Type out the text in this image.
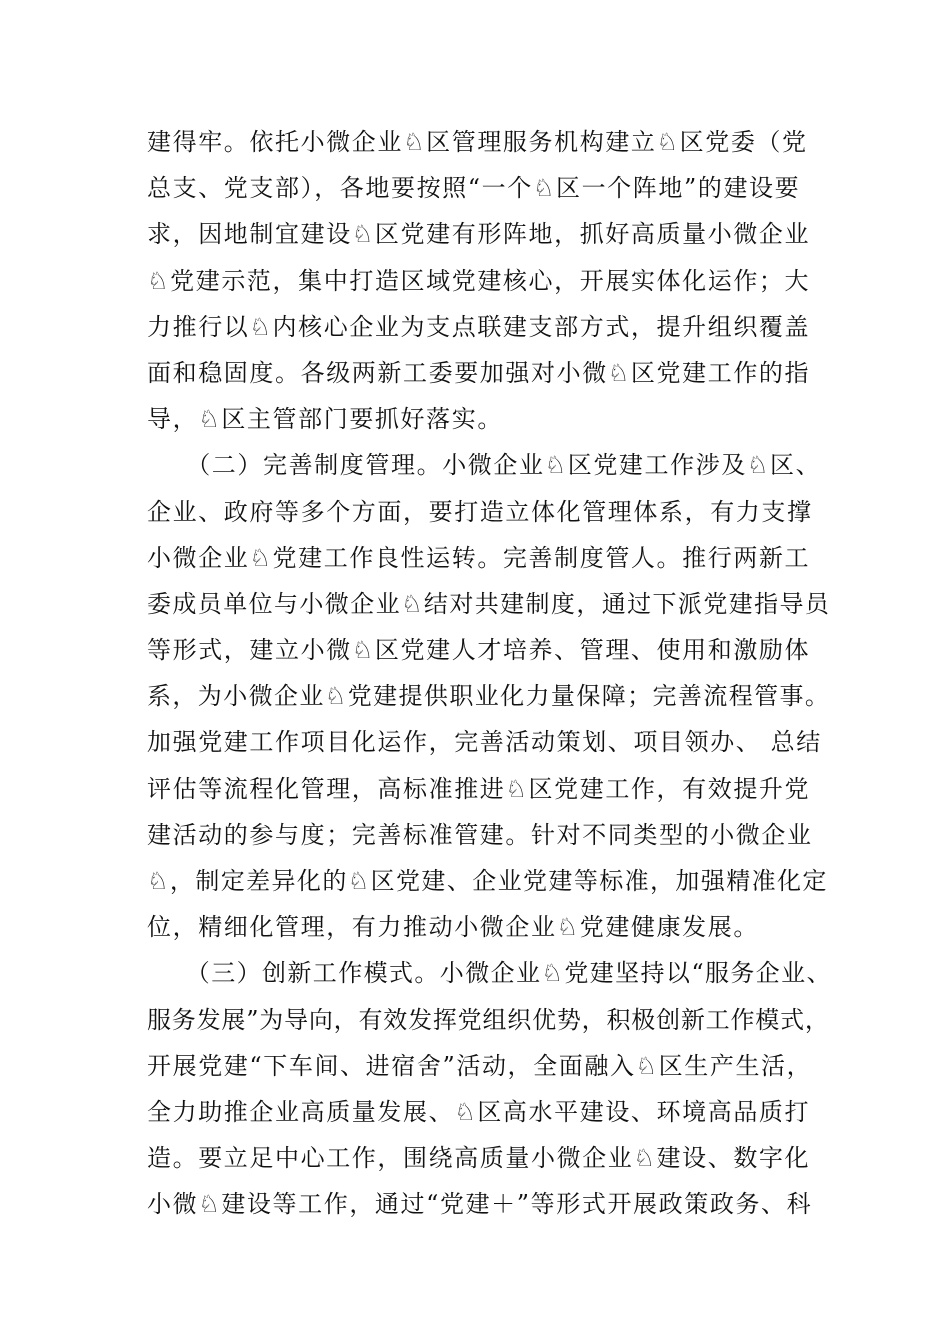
建得牢。依托小微企业♘区管理服务机构建立♘区党委（党
总支、党支部），各地要按照“一个♘区一个阵地”的建设要
求，因地制宜建设♘区党建有形阵地，抓好高质量小微企业
♘党建示范，集中打造区域党建核心，开展实体化运作；大
力推行以♘内核心企业为支点联建支部方式，提升组织覆盖
面和稳固度。各级两新工委要加强对小微♘区党建工作的指
导，♘区主管部门要抓好落实。
　　（二）完善制度管理。小微企业♘区党建工作涉及♘区、
企业、政府等多个方面，要打造立体化管理体系，有力支撑
小微企业♘党建工作良性运转。完善制度管人。推行两新工
委成员单位与小微企业♘结对共建制度，通过下派党建指导员
等形式，建立小微♘区党建人才培养、管理、使用和激励体
系，为小微企业♘党建提供职业化力量保障；完善流程管事。
加强党建工作项目化运作，完善活动策划、项目领办、 总结
评估等流程化管理，高标准推进♘区党建工作，有效提升党
建活动的参与度；完善标准管建。针对不同类型的小微企业
♘，制定差异化的♘区党建、企业党建等标准，加强精准化定
位，精细化管理，有力推动小微企业♘党建健康发展。
　　（三）创新工作模式。小微企业♘党建坚持以“服务企业、
服务发展”为导向，有效发挥党组织优势，积极创新工作模式，
开展党建“下车间、进宿舍”活动，全面融入♘区生产生活，
全力助推企业高质量发展、♘区高水平建设、环境高品质打
造。要立足中心工作，围绕高质量小微企业♘建设、数字化
小微♘建设等工作，通过“党建＋”等形式开展政策政务、科
